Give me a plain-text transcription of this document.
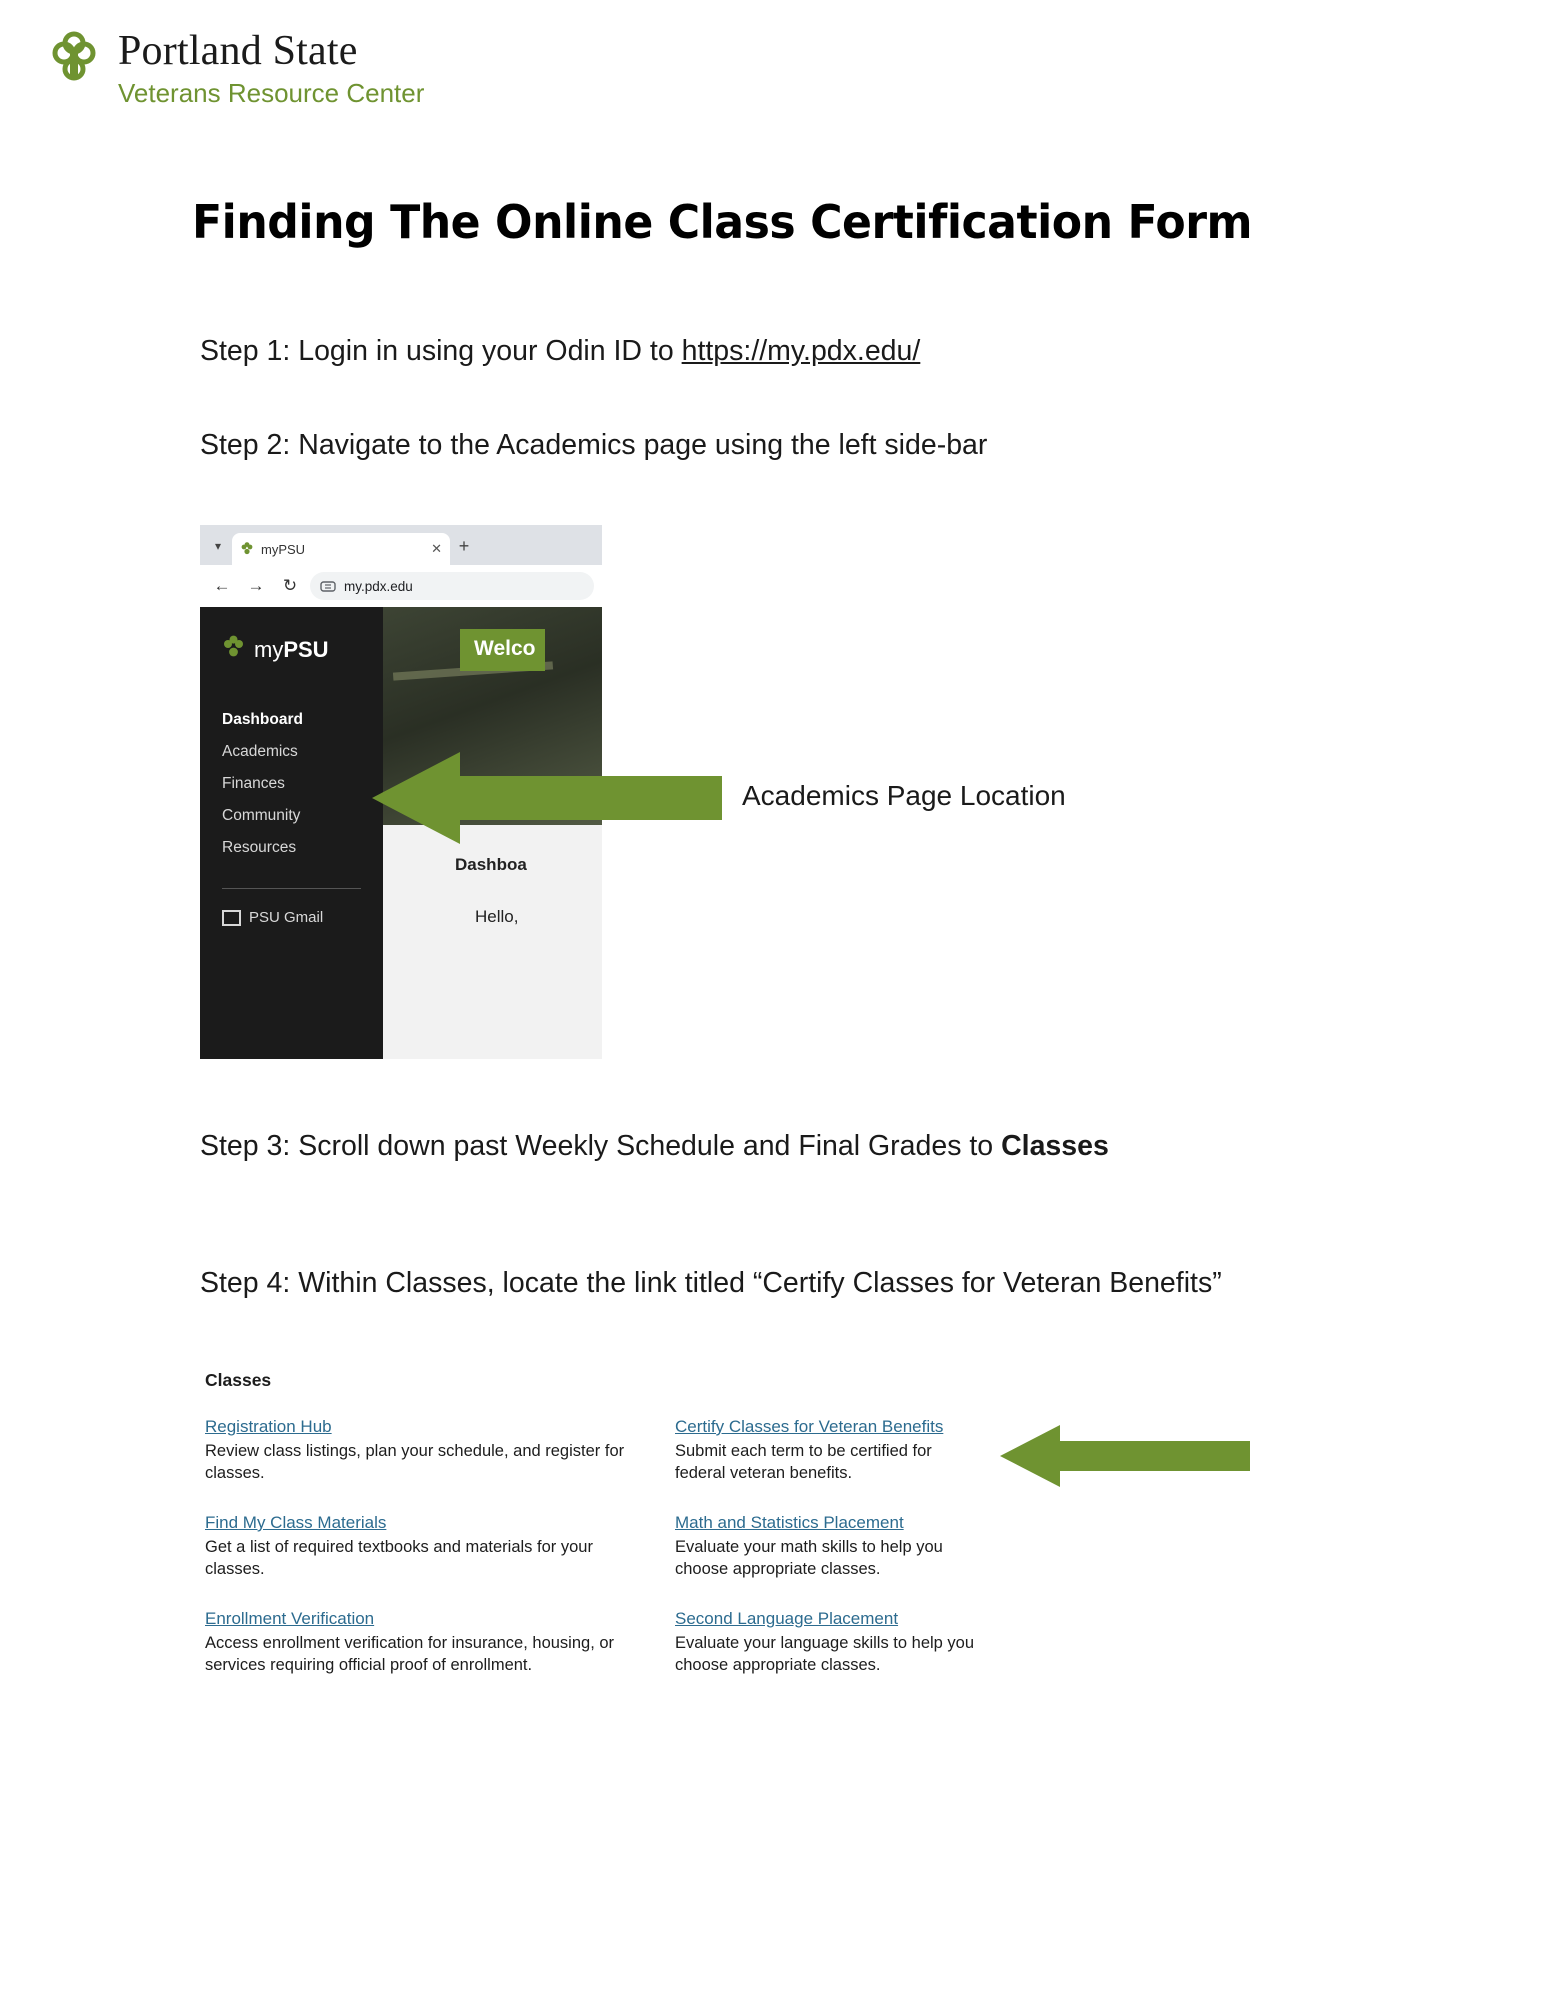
Portland State
Veterans Resource Center
Finding The Online Class Certification Form
Step 1: Login in using your Odin ID to https://my.pdx.edu/
Step 2: Navigate to the Academics page using the left side-bar
▾	myPSU	✕ +
←	→	↻	my.pdx.edu
Welco
Dashboa
Hello,
myPSU
Dashboard
Academics
Finances
Community
Resources
PSU Gmail
Academics Page Location
Step 3: Scroll down past Weekly Schedule and Final Grades to Classes
Step 4: Within Classes, locate the link titled “Certify Classes for Veteran Benefits”
Classes
Registration Hub
Review class listings, plan your schedule, and register for classes.
Certify Classes for Veteran Benefits
Submit each term to be certified for federal veteran benefits.
Find My Class Materials
Get a list of required textbooks and materials for your classes.
Math and Statistics Placement
Evaluate your math skills to help you choose appropriate classes.
Enrollment Verification
Access enrollment verification for insurance, housing, or services requiring official proof of enrollment.
Second Language Placement
Evaluate your language skills to help you choose appropriate classes.
